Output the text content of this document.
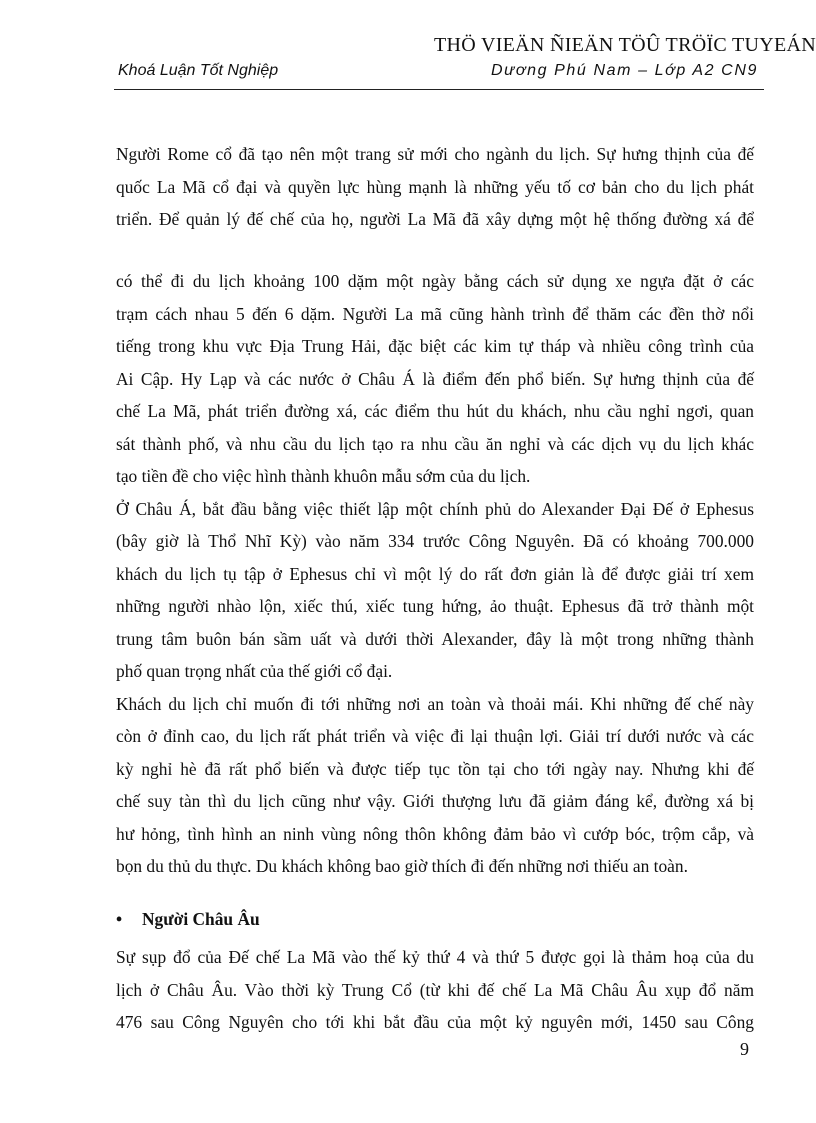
THÖ VIEÄN ÑIEÄN TÖÛ TRÖÏC TUYEÁN
Khoá Luận Tốt Nghiệp	Dương Phú Nam – Lớp A2 CN9
Người Rome cổ đã tạo nên một trang sử mới cho ngành du lịch. Sự hưng thịnh của đế
quốc La Mã cổ đại và quyền lực hùng mạnh là những yếu tố cơ bản cho du lịch phát
triển. Để quản lý đế chế của họ, người La Mã đã xây dựng một hệ thống đường xá để
có thể đi du lịch khoảng 100 dặm một ngày bằng cách sử dụng xe ngựa đặt ở các
trạm cách nhau 5 đến 6 dặm. Người La mã cũng hành trình để thăm các đền thờ nổi
tiếng trong khu vực Địa Trung Hải, đặc biệt các kim tự tháp và nhiều công trình của
Ai Cập. Hy Lạp và các nước ở Châu Á là điểm đến phổ biến. Sự hưng thịnh của đế
chế La Mã, phát triển đường xá, các điểm thu hút du khách, nhu cầu nghỉ ngơi, quan
sát thành phố, và nhu cầu du lịch tạo ra nhu cầu ăn nghỉ và các dịch vụ du lịch khác
tạo tiền đề cho việc hình thành khuôn mẫu sớm của du lịch.
Ở Châu Á, bắt đầu bằng việc thiết lập một chính phủ do Alexander Đại Đế ở Ephesus
(bây giờ là Thổ Nhĩ Kỳ) vào năm 334 trước Công Nguyên. Đã có khoảng 700.000
khách du lịch tụ tập ở Ephesus chỉ vì một lý do rất đơn giản là để được giải trí xem
những người nhào lộn, xiếc thú, xiếc tung hứng, ảo thuật. Ephesus đã trở thành một
trung tâm buôn bán sầm uất và dưới thời Alexander, đây là một trong những thành
phố quan trọng nhất của thế giới cổ đại.
Khách du lịch chỉ muốn đi tới những nơi an toàn và thoải mái. Khi những đế chế này
còn ở đỉnh cao, du lịch rất phát triển và việc đi lại thuận lợi. Giải trí dưới nước và các
kỳ nghỉ hè đã rất phổ biến và được tiếp tục tồn tại cho tới ngày nay. Nhưng khi đế
chế suy tàn thì du lịch cũng như vậy. Giới thượng lưu đã giảm đáng kể, đường xá bị
hư hỏng, tình hình an ninh vùng nông thôn không đảm bảo vì cướp bóc, trộm cắp, và
bọn du thủ du thực. Du khách không bao giờ thích đi đến những nơi thiếu an toàn.
• Người Châu Âu
Sự sụp đổ của Đế chế La Mã vào thế kỷ thứ 4 và thứ 5 được gọi là thảm hoạ của du
lịch ở Châu Âu. Vào thời kỳ Trung Cổ (từ khi đế chế La Mã Châu Âu xụp đổ năm
476 sau Công Nguyên cho tới khi bắt đầu của một kỷ nguyên mới, 1450 sau Công
9
